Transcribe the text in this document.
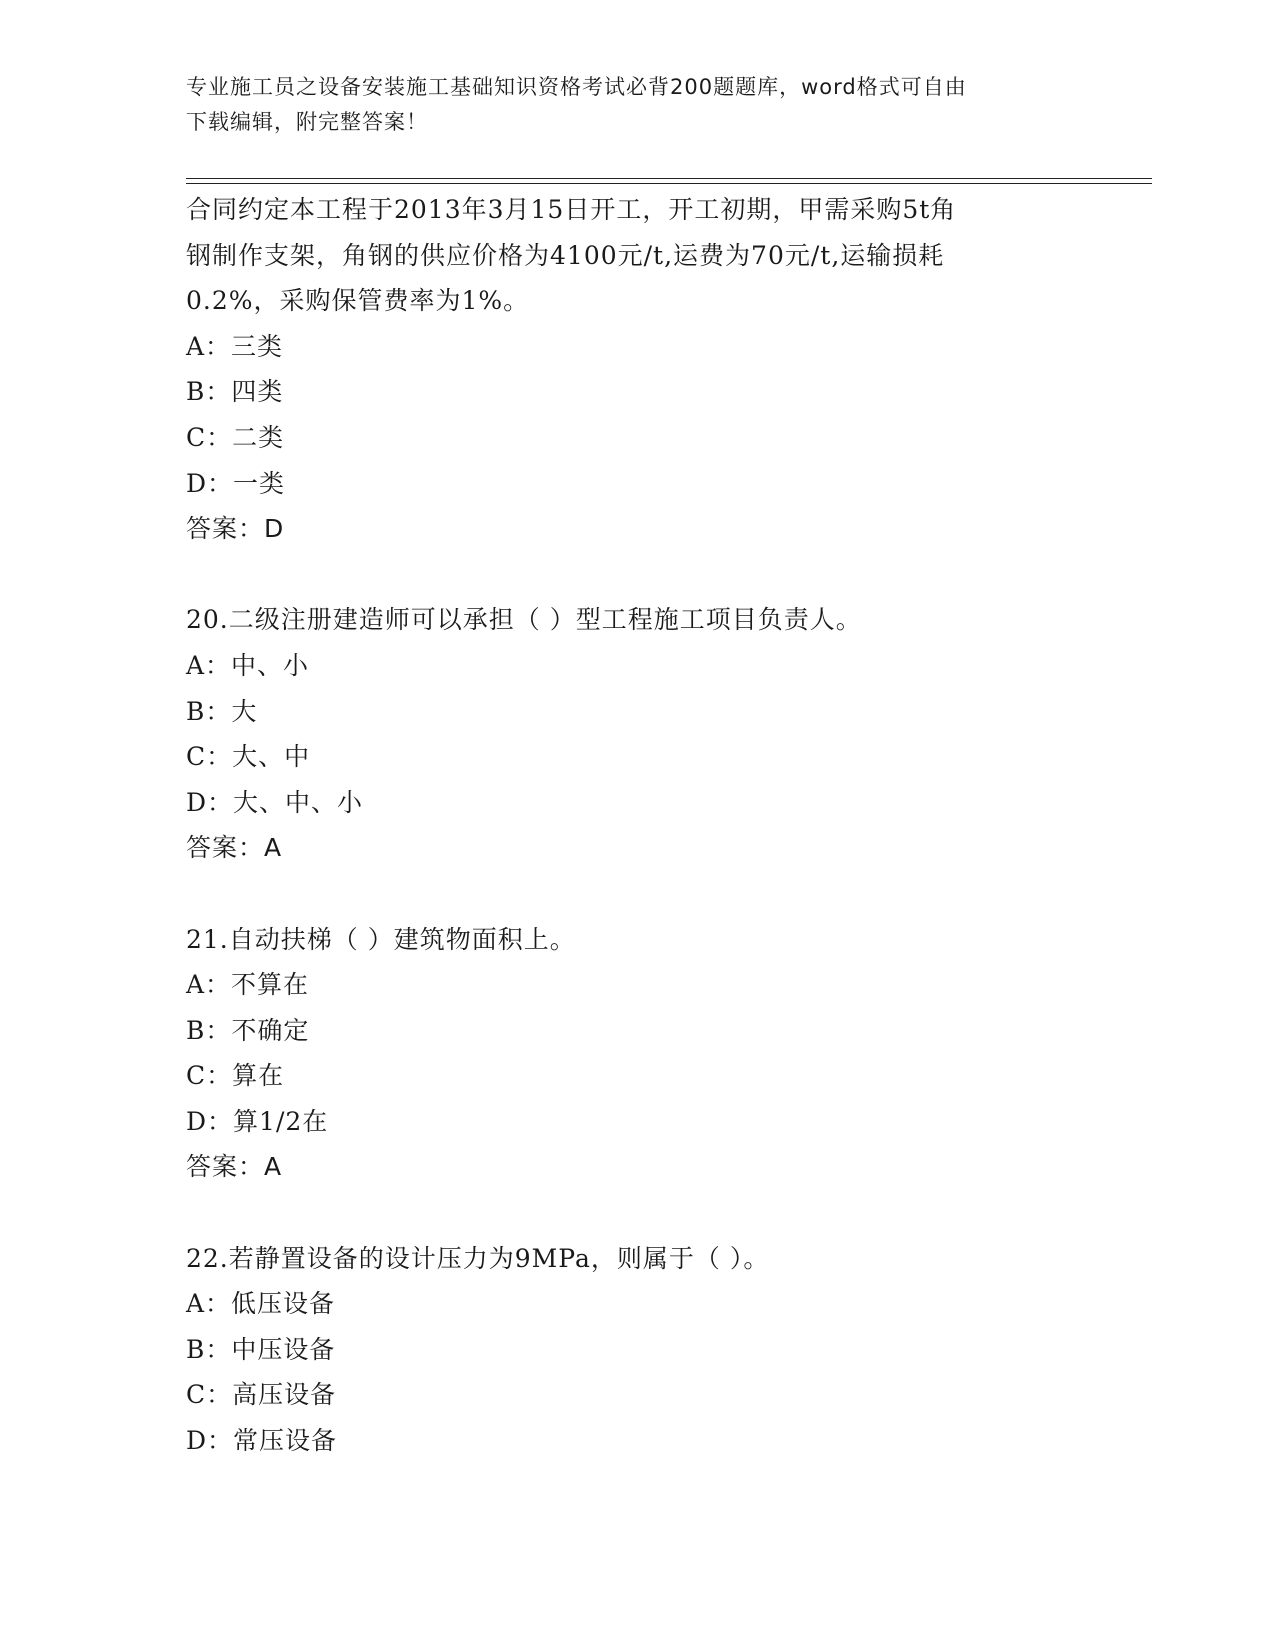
专业施工员之设备安装施工基础知识资格考试必背200题题库，word格式可自由
下载编辑，附完整答案！
合同约定本工程于2013年3月15日开工，开工初期，甲需采购5t角
钢制作支架，角钢的供应价格为4100元/t,运费为70元/t,运输损耗
0.2%，采购保管费率为1%。
A：三类
B：四类
C：二类
D：一类
答案：D
20.二级注册建造师可以承担（ ）型工程施工项目负责人。
A：中、小
B：大
C：大、中
D：大、中、小
答案：A
21.自动扶梯（ ）建筑物面积上。
A：不算在
B：不确定
C：算在
D：算1/2在
答案：A
22.若静置设备的设计压力为9MPa，则属于（ ）。
A：低压设备
B：中压设备
C：高压设备
D：常压设备
